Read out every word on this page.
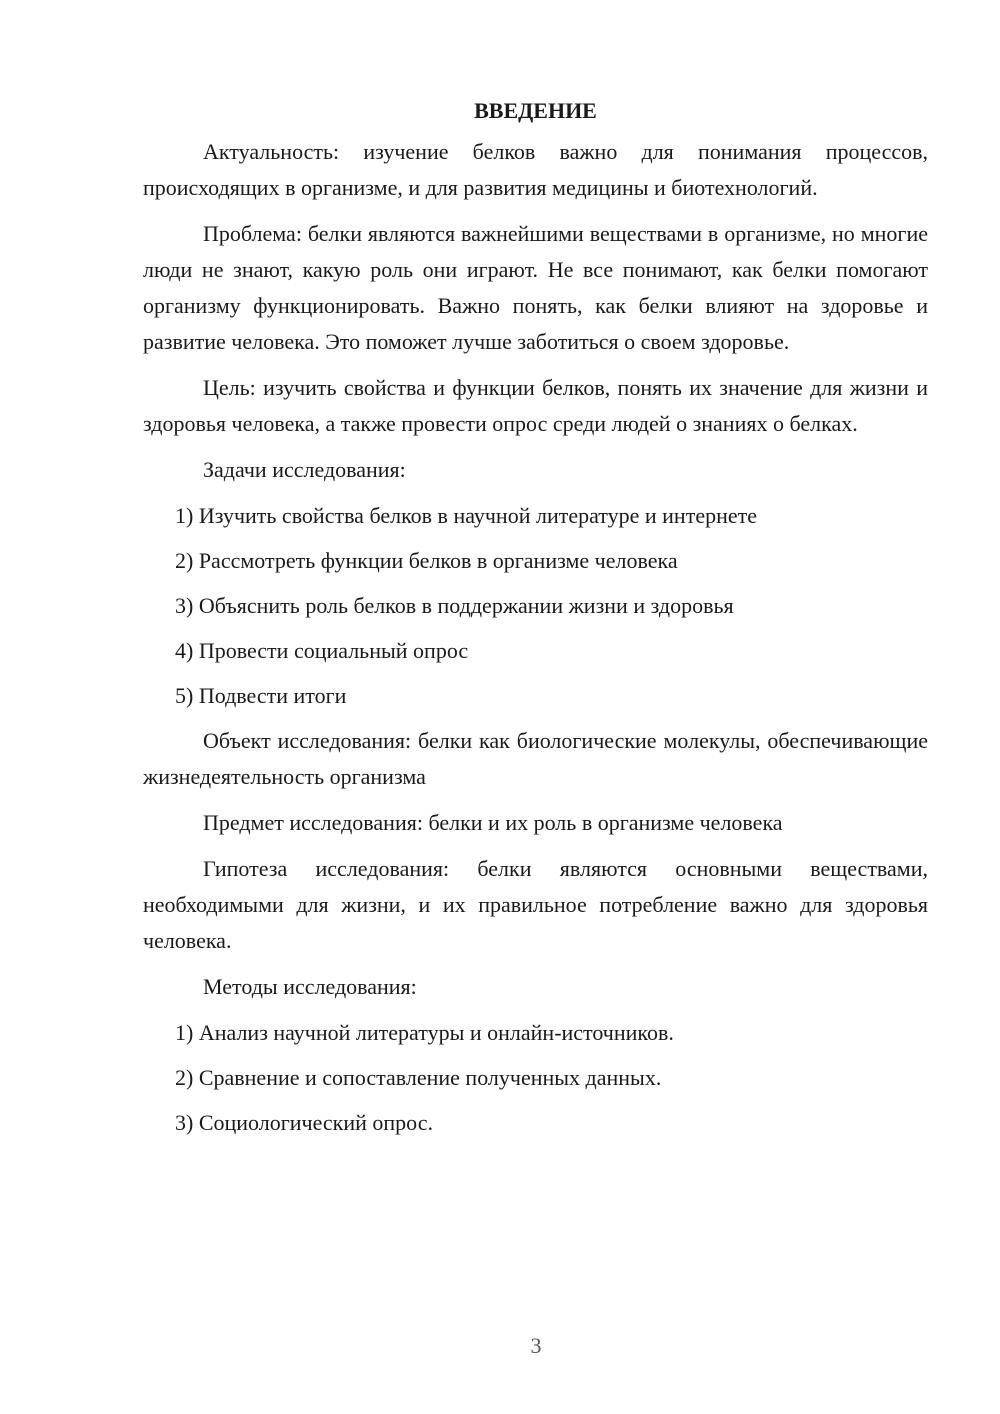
ВВЕДЕНИЕ

Актуальность: изучение белков важно для понимания процессов, происходящих в организме, и для развития медицины и биотехнологий.

Проблема: белки являются важнейшими веществами в организме, но многие люди не знают, какую роль они играют. Не все понимают, как белки помогают организму функционировать. Важно понять, как белки влияют на здоровье и развитие человека. Это поможет лучше заботиться о своем здоровье.

Цель: изучить свойства и функции белков, понять их значение для жизни и здоровья человека, а также провести опрос среди людей о знаниях о белках.

Задачи исследования:

1) Изучить свойства белков в научной литературе и интернете
2) Рассмотреть функции белков в организме человека
3) Объяснить роль белков в поддержании жизни и здоровья
4) Провести социальный опрос
5) Подвести итоги

Объект исследования: белки как биологические молекулы, обеспечивающие жизнедеятельность организма

Предмет исследования: белки и их роль в организме человека

Гипотеза исследования: белки являются основными веществами, необходимыми для жизни, и их правильное потребление важно для здоровья человека.

Методы исследования:

1) Анализ научной литературы и онлайн-источников.
2) Сравнение и сопоставление полученных данных.
3) Социологический опрос.
3
